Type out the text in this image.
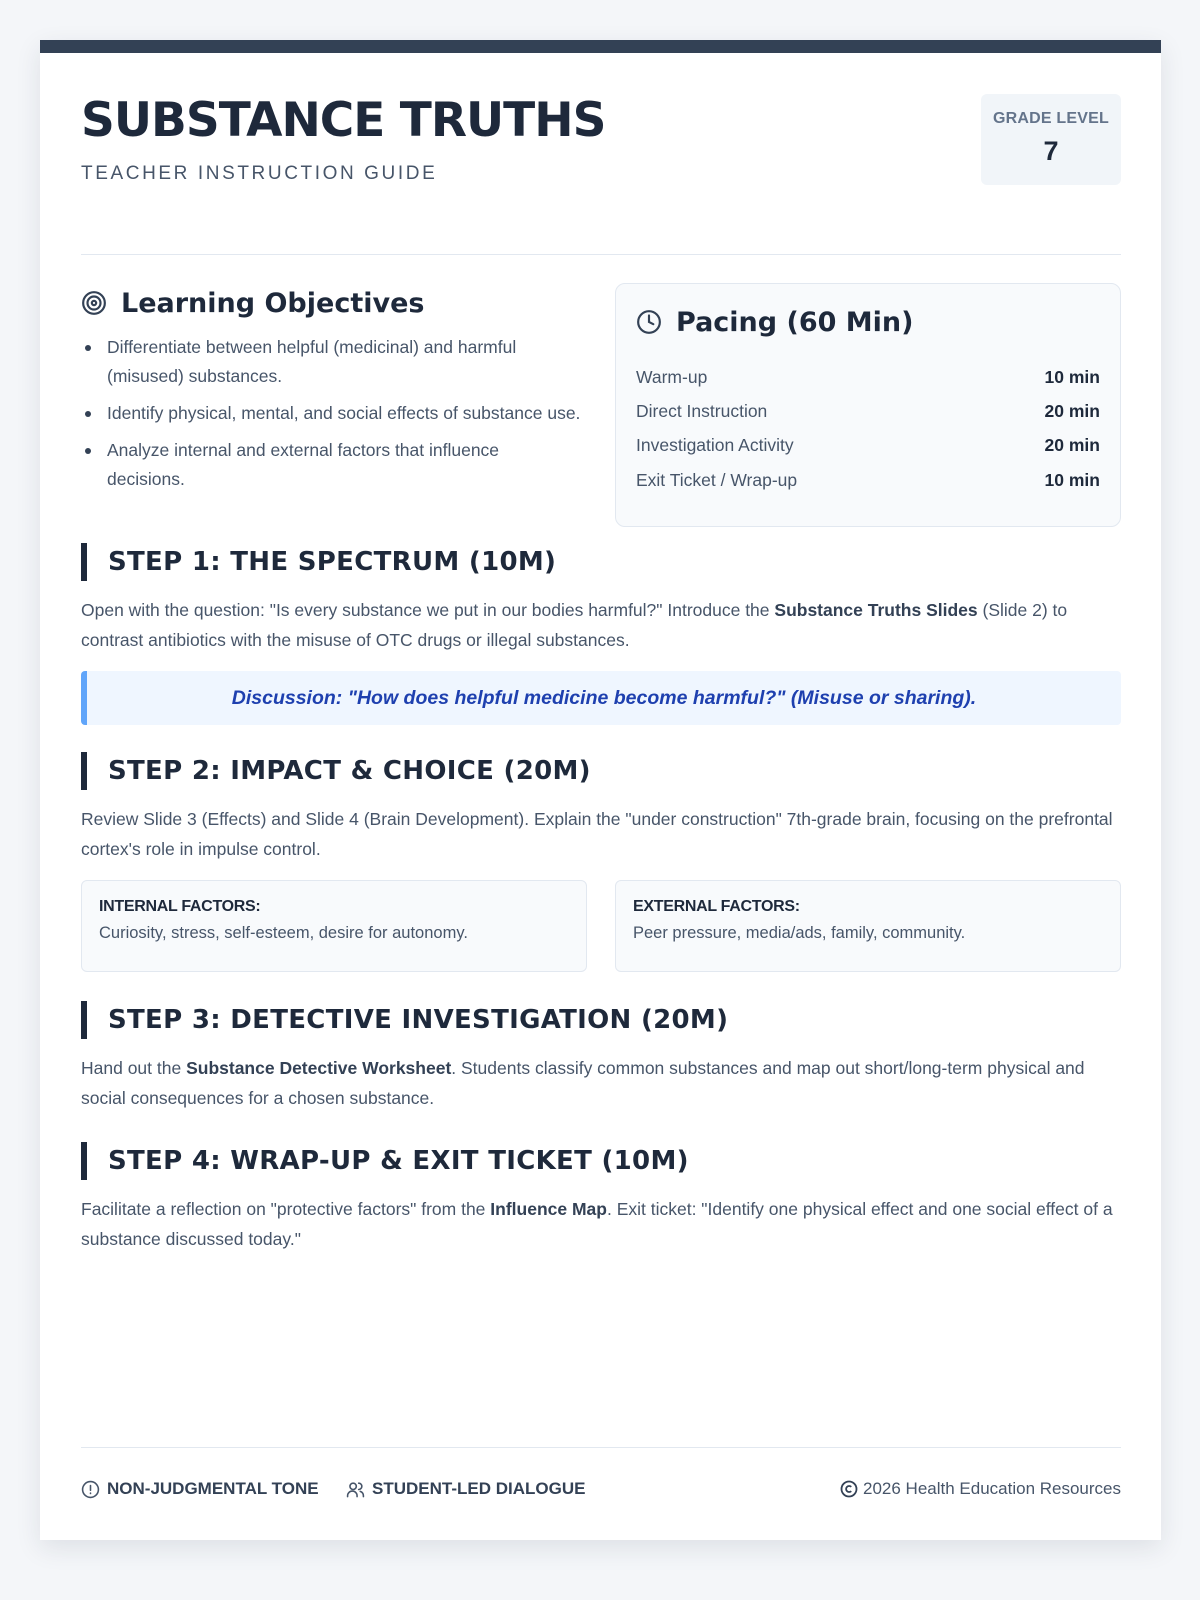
SUBSTANCE TRUTHS
TEACHER INSTRUCTION GUIDE
GRADE LEVEL
7
Learning Objectives
Differentiate between helpful (medicinal) and harmful (misused) substances.
Identify physical, mental, and social effects of substance use.
Analyze internal and external factors that influence decisions.
Pacing (60 Min)
Warm-up	10 min
Direct Instruction	20 min
Investigation Activity	20 min
Exit Ticket / Wrap-up	10 min
STEP 1: THE SPECTRUM (10M)

Open with the question: "Is every substance we put in our bodies harmful?" Introduce the Substance Truths Slides (Slide 2) to contrast antibiotics with the misuse of OTC drugs or illegal substances.

Discussion: "How does helpful medicine become harmful?" (Misuse or sharing).
STEP 2: IMPACT & CHOICE (20M)

Review Slide 3 (Effects) and Slide 4 (Brain Development). Explain the "under construction" 7th-grade brain, focusing on the prefrontal cortex's role in impulse control.

INTERNAL FACTORS:
Curiosity, stress, self-esteem, desire for autonomy.
EXTERNAL FACTORS:
Peer pressure, media/ads, family, community.
STEP 3: DETECTIVE INVESTIGATION (20M)

Hand out the Substance Detective Worksheet. Students classify common substances and map out short/long-term physical and social consequences for a chosen substance.

STEP 4: WRAP-UP & EXIT TICKET (10M)

Facilitate a reflection on "protective factors" from the Influence Map. Exit ticket: "Identify one physical effect and one social effect of a substance discussed today."

NON-JUDGMENTAL TONE	STUDENT-LED DIALOGUE	2026 Health Education Resources
